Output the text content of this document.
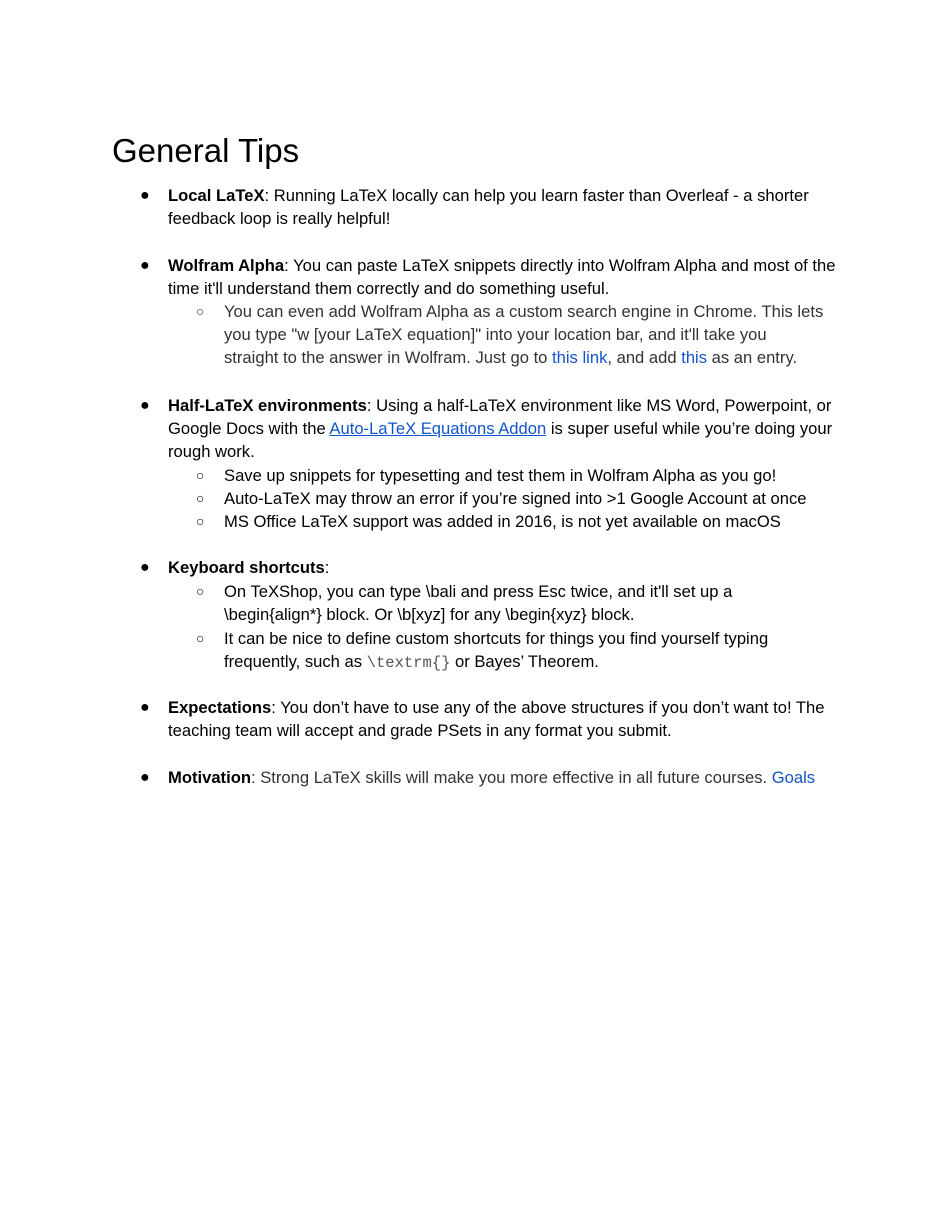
General Tips
● Local LaTeX: Running LaTeX locally can help you learn faster than Overleaf - a shorter feedback loop is really helpful!
● Wolfram Alpha: You can paste LaTeX snippets directly into Wolfram Alpha and most of the time it'll understand them correctly and do something useful.
○ You can even add Wolfram Alpha as a custom search engine in Chrome. This lets you type "w [your LaTeX equation]" into your location bar, and it'll take you straight to the answer in Wolfram. Just go to this link, and add this as an entry.
● Half-LaTeX environments: Using a half-LaTeX environment like MS Word, Powerpoint, or Google Docs with the Auto-LaTeX Equations Addon is super useful while you’re doing your rough work.
○ Save up snippets for typesetting and test them in Wolfram Alpha as you go!
○ Auto-LaTeX may throw an error if you’re signed into >1 Google Account at once
○ MS Office LaTeX support was added in 2016, is not yet available on macOS
● Keyboard shortcuts:
○ On TeXShop, you can type \bali and press Esc twice, and it'll set up a \begin{align*} block. Or \b[xyz] for any \begin{xyz} block.
○ It can be nice to define custom shortcuts for things you find yourself typing frequently, such as \textrm{} or Bayes’ Theorem.
● Expectations: You don’t have to use any of the above structures if you don’t want to! The teaching team will accept and grade PSets in any format you submit.
● Motivation: Strong LaTeX skills will make you more effective in all future courses. Goals
